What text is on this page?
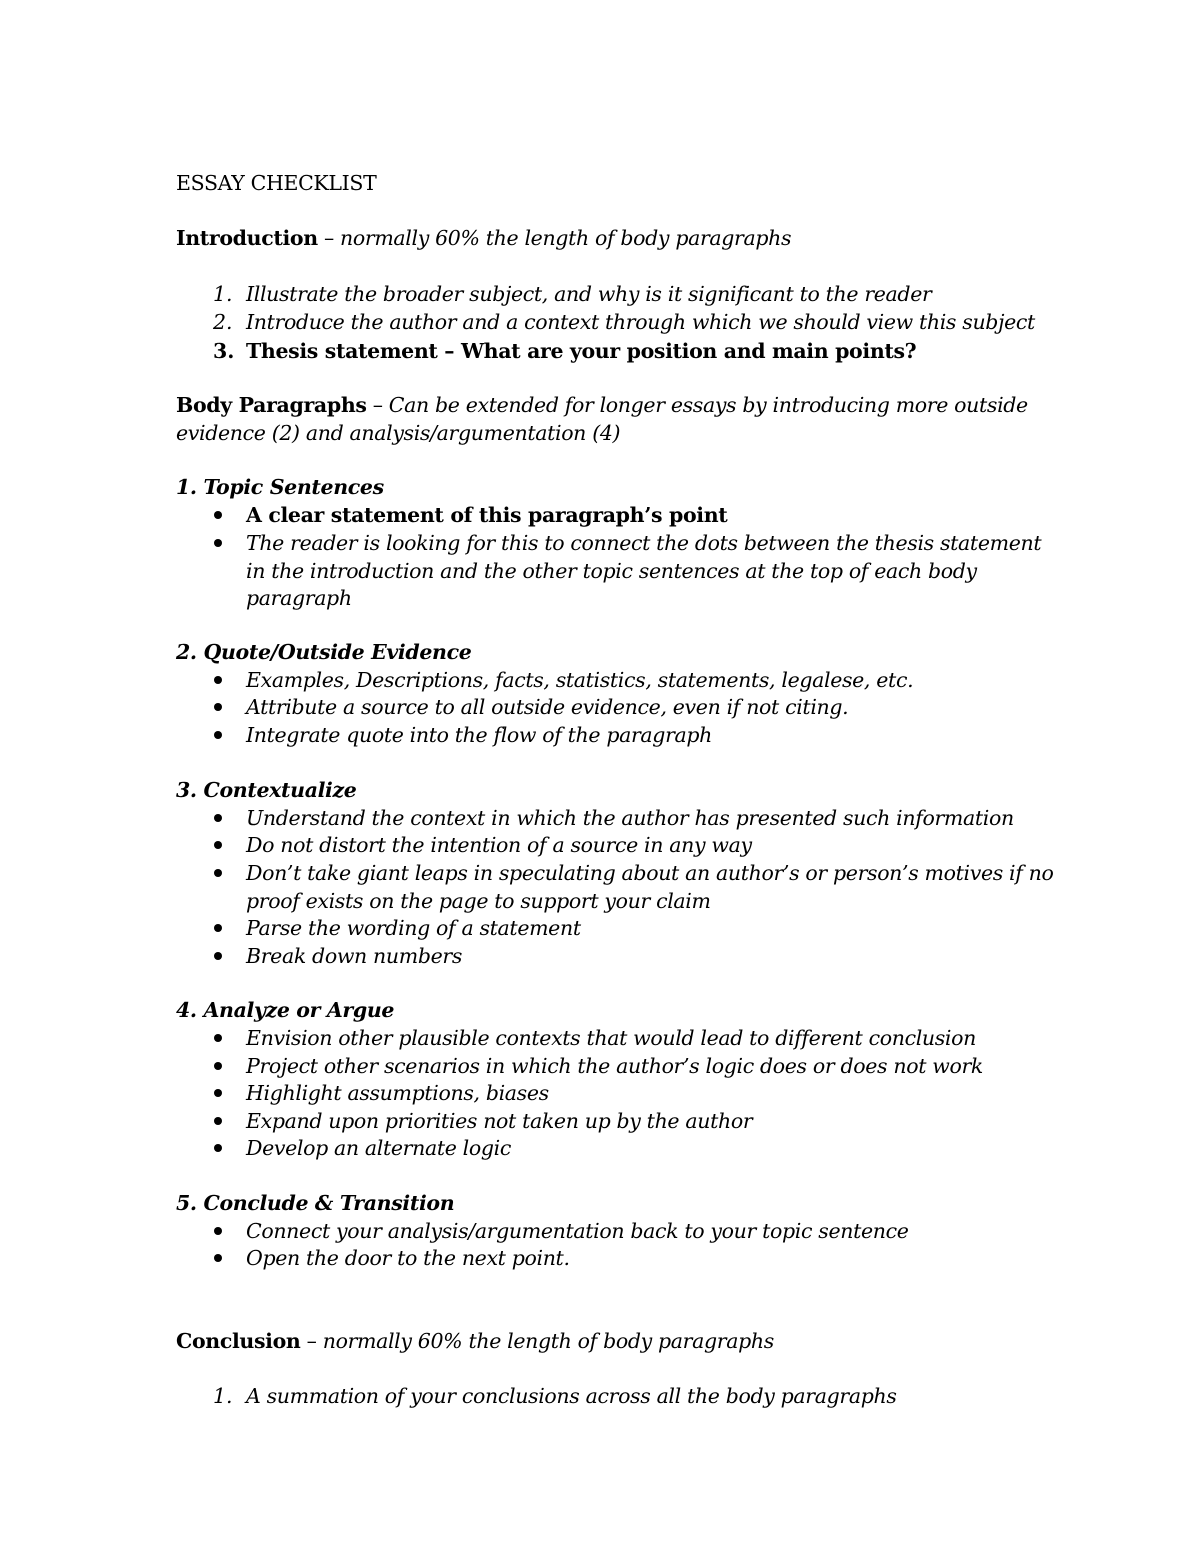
ESSAY CHECKLIST
Introduction – normally 60% the length of body paragraphs
1. Illustrate the broader subject, and why is it significant to the reader
2. Introduce the author and a context through which we should view this subject
3. Thesis statement – What are your position and main points?
Body Paragraphs – Can be extended for longer essays by introducing more outside
evidence (2) and analysis/argumentation (4)
1. Topic Sentences
A clear statement of this paragraph’s point
The reader is looking for this to connect the dots between the thesis statement
in the introduction and the other topic sentences at the top of each body
paragraph
2. Quote/Outside Evidence
Examples, Descriptions, facts, statistics, statements, legalese, etc.
Attribute a source to all outside evidence, even if not citing.
Integrate quote into the flow of the paragraph
3. Contextualize
Understand the context in which the author has presented such information
Do not distort the intention of a source in any way
Don’t take giant leaps in speculating about an author’s or person’s motives if no
proof exists on the page to support your claim
Parse the wording of a statement
Break down numbers
4. Analyze or Argue
Envision other plausible contexts that would lead to different conclusion
Project other scenarios in which the author’s logic does or does not work
Highlight assumptions, biases
Expand upon priorities not taken up by the author
Develop an alternate logic
5. Conclude & Transition
Connect your analysis/argumentation back to your topic sentence
Open the door to the next point.
Conclusion – normally 60% the length of body paragraphs
1. A summation of your conclusions across all the body paragraphs
